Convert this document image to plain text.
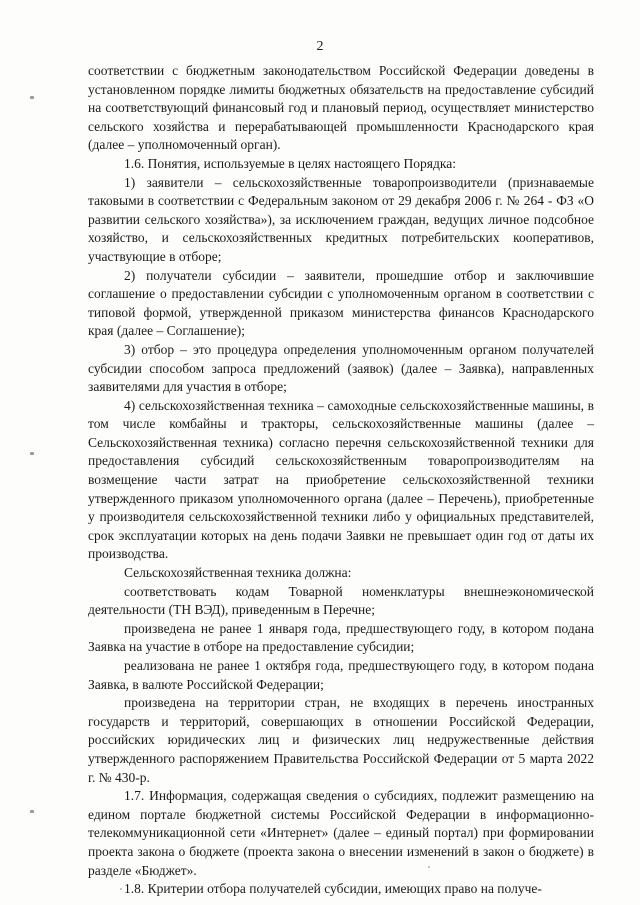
2

соответствии с бюджетным законодательством Российской Федерации доведены в установленном порядке лимиты бюджетных обязательств на предоставление субсидий на соответствующий финансовый год и плановый период, осуществляет министерство сельского хозяйства и перерабатывающей промышленности Краснодарского края (далее – уполномоченный орган).

1.6. Понятия, используемые в целях настоящего Порядка:

1) заявители – сельскохозяйственные товаропроизводители (признаваемые таковыми в соответствии с Федеральным законом от 29 декабря 2006 г. № 264 - ФЗ «О развитии сельского хозяйства»), за исключением граждан, ведущих личное подсобное хозяйство, и сельскохозяйственных кредитных потребительских кооперативов, участвующие в отборе;

2) получатели субсидии – заявители, прошедшие отбор и заключившие соглашение о предоставлении субсидии с уполномоченным органом в соответствии с типовой формой, утвержденной приказом министерства финансов Краснодарского края (далее – Соглашение);

3) отбор – это процедура определения уполномоченным органом получателей субсидии способом запроса предложений (заявок) (далее – Заявка), направленных заявителями для участия в отборе;

4) сельскохозяйственная техника – самоходные сельскохозяйственные машины, в том числе комбайны и тракторы, сельскохозяйственные машины (далее – Сельскохозяйственная техника) согласно перечня сельскохозяйственной техники для предоставления субсидий сельскохозяйственным товаропроизводителям на возмещение части затрат на приобретение сельскохозяйственной техники утвержденного приказом уполномоченного органа (далее – Перечень), приобретенные у производителя сельскохозяйственной техники либо у официальных представителей, срок эксплуатации которых на день подачи Заявки не превышает один год от даты их производства.

Сельскохозяйственная техника должна:

соответствовать кодам Товарной номенклатуры внешнеэкономической деятельности (ТН ВЭД), приведенным в Перечне;

произведена не ранее 1 января года, предшествующего году, в котором подана Заявка на участие в отборе на предоставление субсидии;

реализована не ранее 1 октября года, предшествующего году, в котором подана Заявка, в валюте Российской Федерации;

произведена на территории стран, не входящих в перечень иностранных государств и территорий, совершающих в отношении Российской Федерации, российских юридических лиц и физических лиц недружественные действия утвержденного распоряжением Правительства Российской Федерации от 5 марта 2022 г. № 430-р.

1.7. Информация, содержащая сведения о субсидиях, подлежит размещению на едином портале бюджетной системы Российской Федерации в информационно-телекоммуникационной сети «Интернет» (далее – единый портал) при формировании проекта закона о бюджете (проекта закона о внесении изменений в закон о бюджете) в разделе «Бюджет».

1.8. Критерии отбора получателей субсидии, имеющих право на получе-
